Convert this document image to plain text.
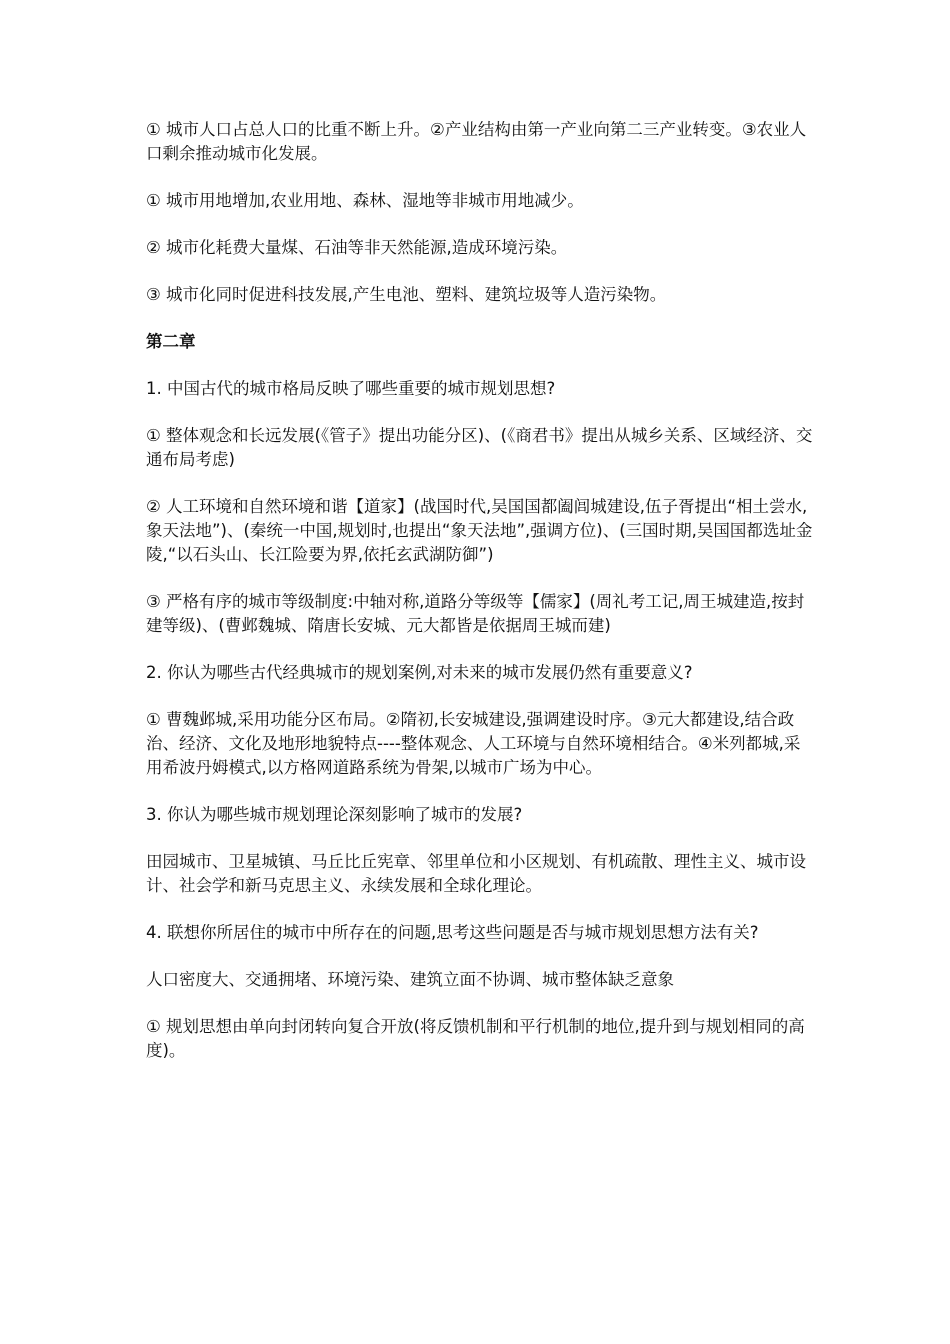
① 城市人口占总人口的比重不断上升。②产业结构由第一产业向第二三产业转变。③农业人口剩余推动城市化发展。

① 城市用地增加,农业用地、森林、湿地等非城市用地减少。

② 城市化耗费大量煤、石油等非天然能源,造成环境污染。

③ 城市化同时促进科技发展,产生电池、塑料、建筑垃圾等人造污染物。

第二章

1. 中国古代的城市格局反映了哪些重要的城市规划思想?

① 整体观念和长远发展(《管子》提出功能分区)、(《商君书》提出从城乡关系、区域经济、交通布局考虑)

② 人工环境和自然环境和谐【道家】(战国时代,吴国国都阖闾城建设,伍子胥提出“相土尝水,象天法地”)、(秦统一中国,规划时,也提出“象天法地”,强调方位)、(三国时期,吴国国都选址金陵,“以石头山、长江险要为界,依托玄武湖防御”)

③ 严格有序的城市等级制度:中轴对称,道路分等级等【儒家】(周礼考工记,周王城建造,按封建等级)、(曹邺魏城、隋唐长安城、元大都皆是依据周王城而建)

2. 你认为哪些古代经典城市的规划案例,对未来的城市发展仍然有重要意义?

① 曹魏邺城,采用功能分区布局。②隋初,长安城建设,强调建设时序。③元大都建设,结合政治、经济、文化及地形地貌特点----整体观念、人工环境与自然环境相结合。④米列都城,采用希波丹姆模式,以方格网道路系统为骨架,以城市广场为中心。

3. 你认为哪些城市规划理论深刻影响了城市的发展?

田园城市、卫星城镇、马丘比丘宪章、邻里单位和小区规划、有机疏散、理性主义、城市设计、社会学和新马克思主义、永续发展和全球化理论。

4. 联想你所居住的城市中所存在的问题,思考这些问题是否与城市规划思想方法有关?

人口密度大、交通拥堵、环境污染、建筑立面不协调、城市整体缺乏意象

① 规划思想由单向封闭转向复合开放(将反馈机制和平行机制的地位,提升到与规划相同的高度)。
